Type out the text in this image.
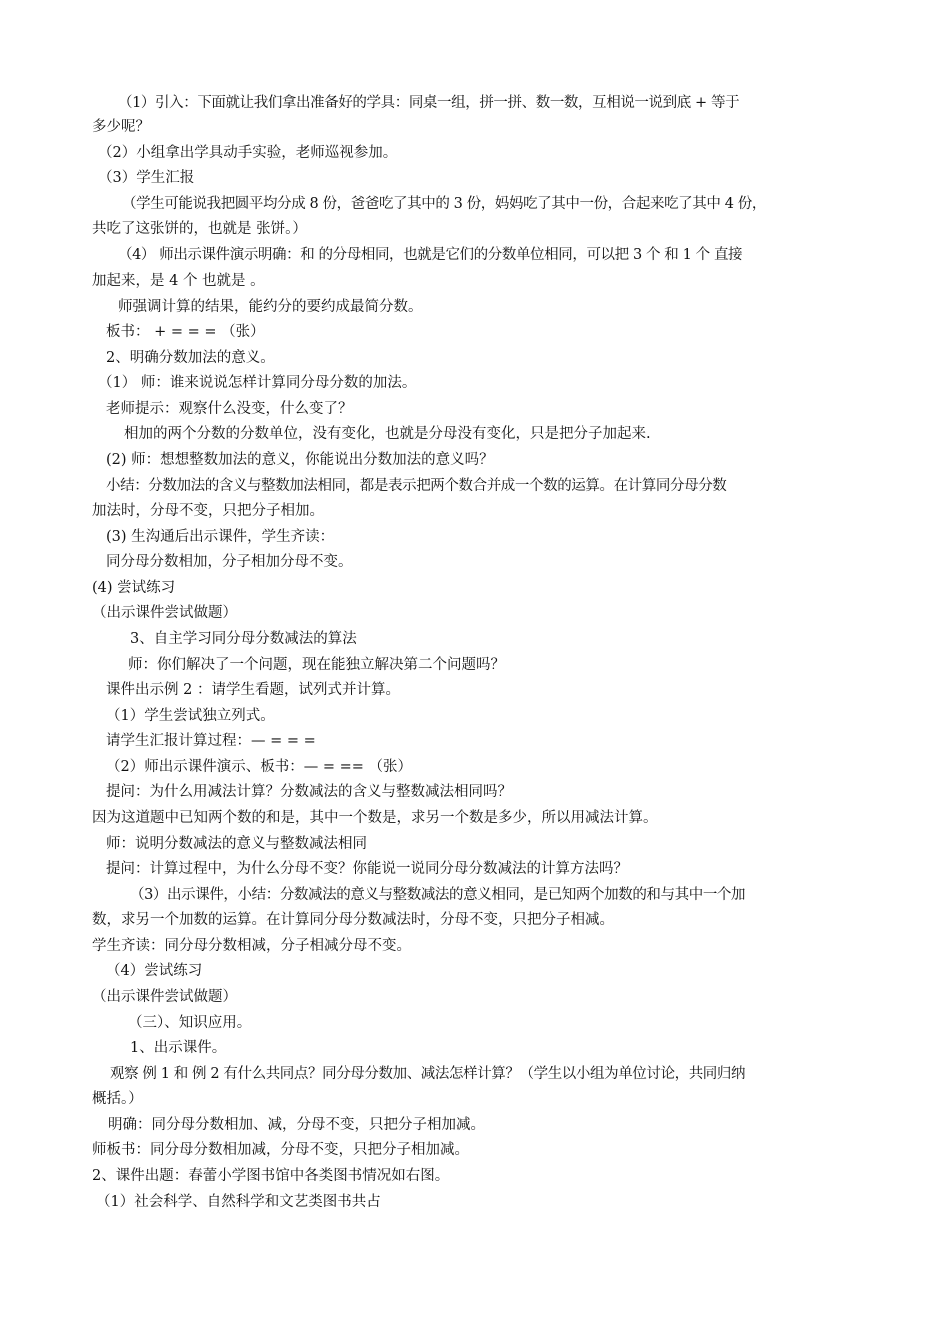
（1）引入：下面就让我们拿出准备好的学具：同桌一组，拼一拼、数一数，互相说一说到底 + 等于
多少呢？
（2）小组拿出学具动手实验，老师巡视参加。
（3）学生汇报
（学生可能说我把圆平均分成 8 份，爸爸吃了其中的 3 份，妈妈吃了其中一份，合起来吃了其中 4 份，
共吃了这张饼的，也就是 张饼。）
（4） 师出示课件演示明确：和 的分母相同，也就是它们的分数单位相同，可以把 3 个 和 1 个 直接
加起来，是 4 个 也就是 。
师强调计算的结果，能约分的要约成最简分数。
板书： + = = = （张）
2、明确分数加法的意义。
（1） 师：谁来说说怎样计算同分母分数的加法。
老师提示：观察什么没变，什么变了？
相加的两个分数的分数单位，没有变化，也就是分母没有变化，只是把分子加起来.
(2) 师：想想整数加法的意义，你能说出分数加法的意义吗？
小结：分数加法的含义与整数加法相同，都是表示把两个数合并成一个数的运算。在计算同分母分数
加法时，分母不变，只把分子相加。
(3) 生沟通后出示课件，学生齐读：
同分母分数相加，分子相加分母不变。
(4) 尝试练习
（出示课件尝试做题）
3、自主学习同分母分数减法的算法
师：你们解决了一个问题，现在能独立解决第二个问题吗？
课件出示例 2 ：请学生看题，试列式并计算。
（1）学生尝试独立列式。
请学生汇报计算过程：— = = =
（2）师出示课件演示、板书：— = == （张）
提问：为什么用减法计算？分数减法的含义与整数减法相同吗？
因为这道题中已知两个数的和是，其中一个数是，求另一个数是多少，所以用减法计算。
师：说明分数减法的意义与整数减法相同
提问：计算过程中，为什么分母不变？你能说一说同分母分数减法的计算方法吗？
（3）出示课件，小结：分数减法的意义与整数减法的意义相同，是已知两个加数的和与其中一个加
数，求另一个加数的运算。在计算同分母分数减法时，分母不变，只把分子相减。
学生齐读：同分母分数相减，分子相减分母不变。
（4）尝试练习
（出示课件尝试做题）
（三）、知识应用。
1、出示课件。
观察 例 1 和 例 2 有什么共同点？同分母分数加、减法怎样计算？（学生以小组为单位讨论，共同归纳
概括。）
明确：同分母分数相加、减，分母不变，只把分子相加减。
师板书：同分母分数相加减，分母不变，只把分子相加减。
2、课件出题：春蕾小学图书馆中各类图书情况如右图。
（1）社会科学、自然科学和文艺类图书共占
